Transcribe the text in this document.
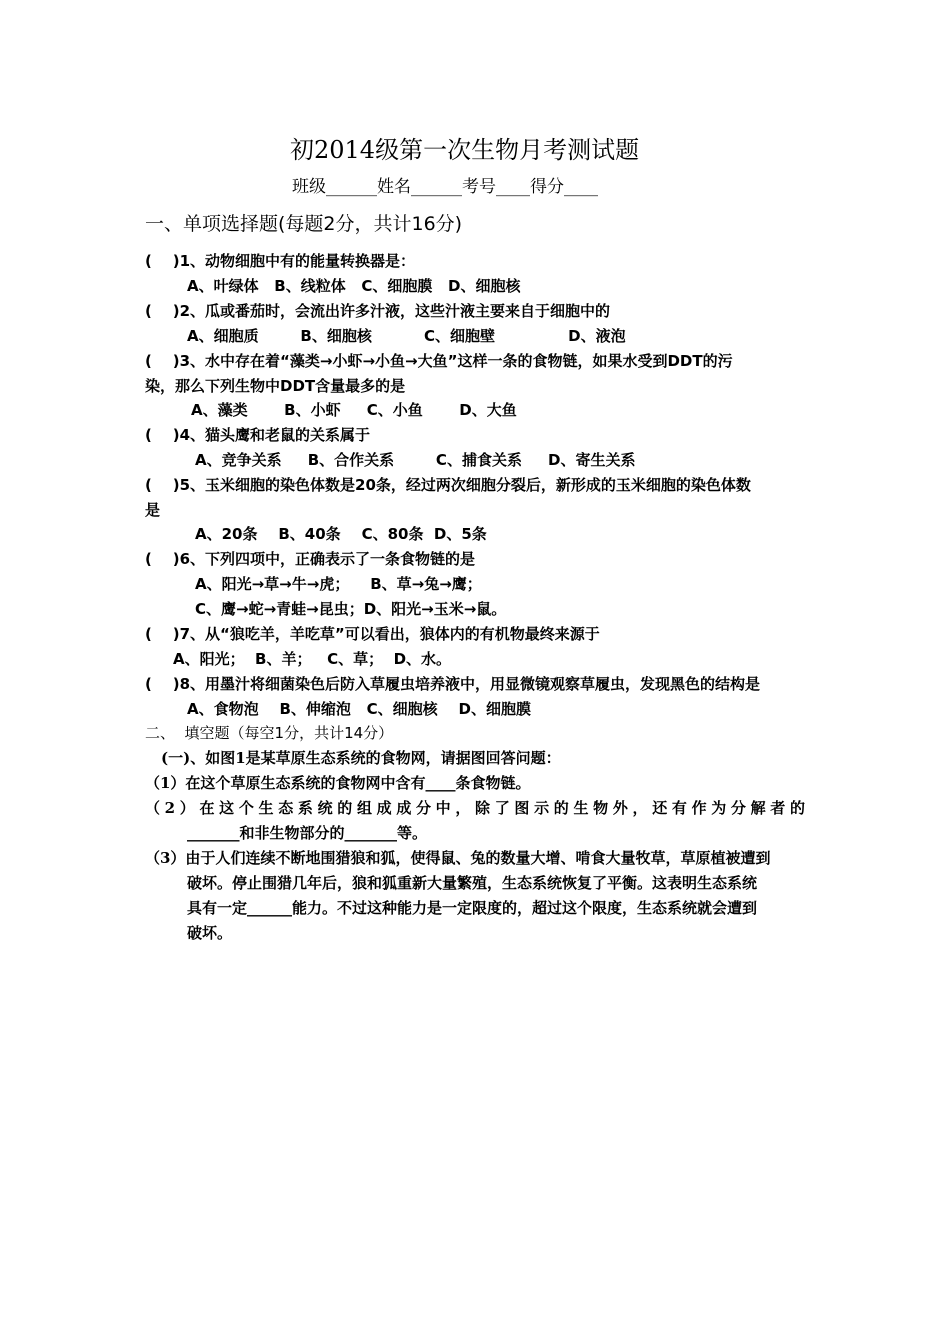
初2014级第一次生物月考测试题
班级______姓名______考号____得分____
一、单项选择题(每题2分，共计16分)
(    )1、动物细胞中有的能量转换器是：
A、叶绿体   B、线粒体   C、细胞膜   D、细胞核
(    )2、瓜或番茄时，会流出许多汁液，这些汁液主要来自于细胞中的
A、细胞质        B、细胞核          C、细胞壁              D、液泡
(    )3、水中存在着“藻类→小虾→小鱼→大鱼”这样一条的食物链，如果水受到DDT的污
染，那么下列生物中DDT含量最多的是
A、藻类       B、小虾     C、小鱼       D、大鱼
(    )4、猫头鹰和老鼠的关系属于
A、竞争关系     B、合作关系        C、捕食关系     D、寄生关系
(    )5、玉米细胞的染色体数是20条，经过两次细胞分裂后，新形成的玉米细胞的染色体数
是
A、20条    B、40条    C、80条  D、5条
(    )6、下列四项中，正确表示了一条食物链的是
A、阳光→草→牛→虎；    B、草→兔→鹰；
C、鹰→蛇→青蛙→昆虫；D、阳光→玉米→鼠。
(    )7、从“狼吃羊，羊吃草”可以看出，狼体内的有机物最终来源于
A、阳光；  B、羊；   C、草；  D、水。
(    )8、用墨汁将细菌染色后防入草履虫培养液中，用显微镜观察草履虫，发现黑色的结构是
A、食物泡    B、伸缩泡   C、细胞核    D、细胞膜
二、  填空题（每空1分，共计14分）
(一)、如图1是某草原生态系统的食物网，请据图回答问题：
（1）在这个草原生态系统的食物网中含有____条食物链。
（2）在这个生态系统的组成成分中，除了图示的生物外，还有作为分解者的
_______和非生物部分的_______等。
（3）由于人们连续不断地围猎狼和狐，使得鼠、兔的数量大增、啃食大量牧草，草原植被遭到
破坏。停止围猎几年后，狼和狐重新大量繁殖，生态系统恢复了平衡。这表明生态系统
具有一定______能力。不过这种能力是一定限度的，超过这个限度，生态系统就会遭到
破坏。
